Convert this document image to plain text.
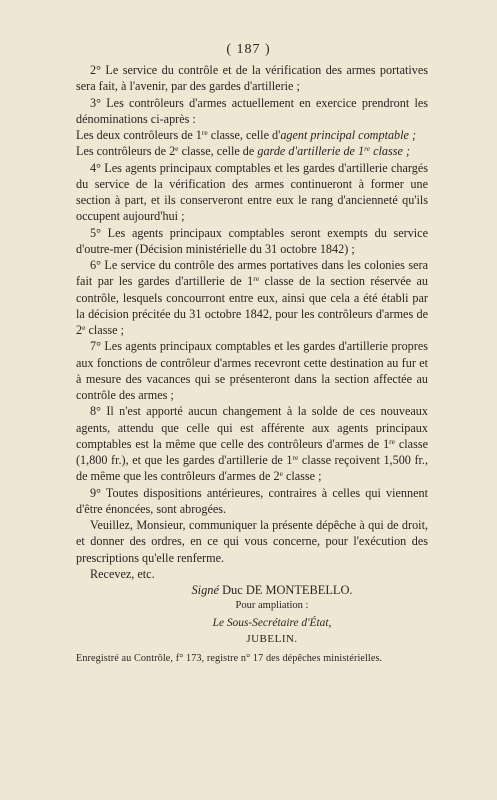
( 187 )

2° Le service du contrôle et de la vérification des armes portatives sera fait, à l'avenir, par des gardes d'artillerie ;

3° Les contrôleurs d'armes actuellement en exercice prendront les dénominations ci-après :

Les deux contrôleurs de 1re classe, celle d'agent principal comptable ;

Les contrôleurs de 2e classe, celle de garde d'artillerie de 1re classe ;

4° Les agents principaux comptables et les gardes d'artillerie chargés du service de la vérification des armes continueront à former une section à part, et ils conserveront entre eux le rang d'ancienneté qu'ils occupent aujourd'hui ;

5° Les agents principaux comptables seront exempts du service d'outre-mer (Décision ministérielle du 31 octobre 1842) ;

6° Le service du contrôle des armes portatives dans les colonies sera fait par les gardes d'artillerie de 1re classe de la section réservée au contrôle, lesquels concourront entre eux, ainsi que cela a été établi par la décision précitée du 31 octobre 1842, pour les contrôleurs d'armes de 2e classe ;

7° Les agents principaux comptables et les gardes d'artillerie propres aux fonctions de contrôleur d'armes recevront cette destination au fur et à mesure des vacances qui se présenteront dans la section affectée au contrôle des armes ;

8° Il n'est apporté aucun changement à la solde de ces nouveaux agents, attendu que celle qui est afférente aux agents principaux comptables est la même que celle des contrôleurs d'armes de 1re classe (1,800 fr.), et que les gardes d'artillerie de 1re classe reçoivent 1,500 fr., de même que les contrôleurs d'armes de 2e classe ;

9° Toutes dispositions antérieures, contraires à celles qui viennent d'être énoncées, sont abrogées.

Veuillez, Monsieur, communiquer la présente dépêche à qui de droit, et donner des ordres, en ce qui vous concerne, pour l'exécution des prescriptions qu'elle renferme.

Recevez, etc.

Signé Duc DE MONTEBELLO.

Pour ampliation :

Le Sous-Secrétaire d'État,

JUBELIN.

Enregistré au Contrôle, f° 173, registre n° 17 des dépêches ministérielles.
